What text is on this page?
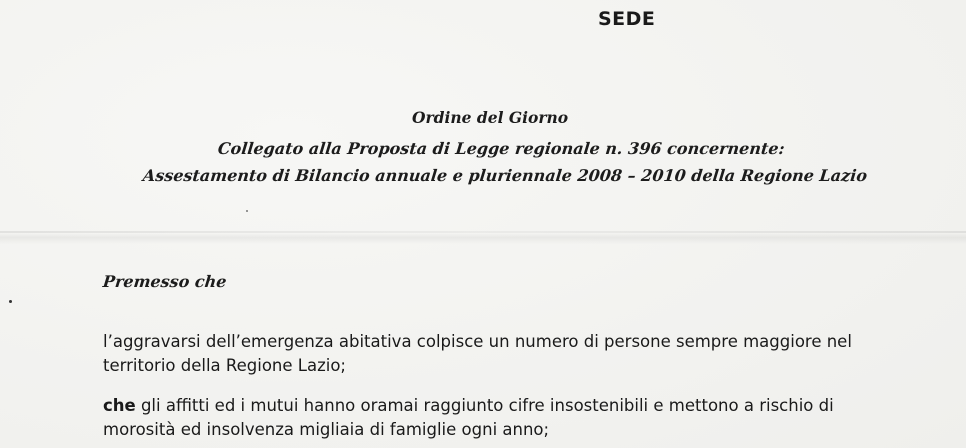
SEDE
Ordine del Giorno
Collegato alla Proposta di Legge regionale n. 396 concernente:
Assestamento di Bilancio annuale e pluriennale 2008 – 2010 della Regione Lazio
Premesso che
l’aggravarsi dell’emergenza abitativa colpisce un numero di persone sempre maggiore nel
territorio della Regione Lazio;
che gli affitti ed i mutui hanno oramai raggiunto cifre insostenibili e mettono a rischio di
morosità ed insolvenza migliaia di famiglie ogni anno;
